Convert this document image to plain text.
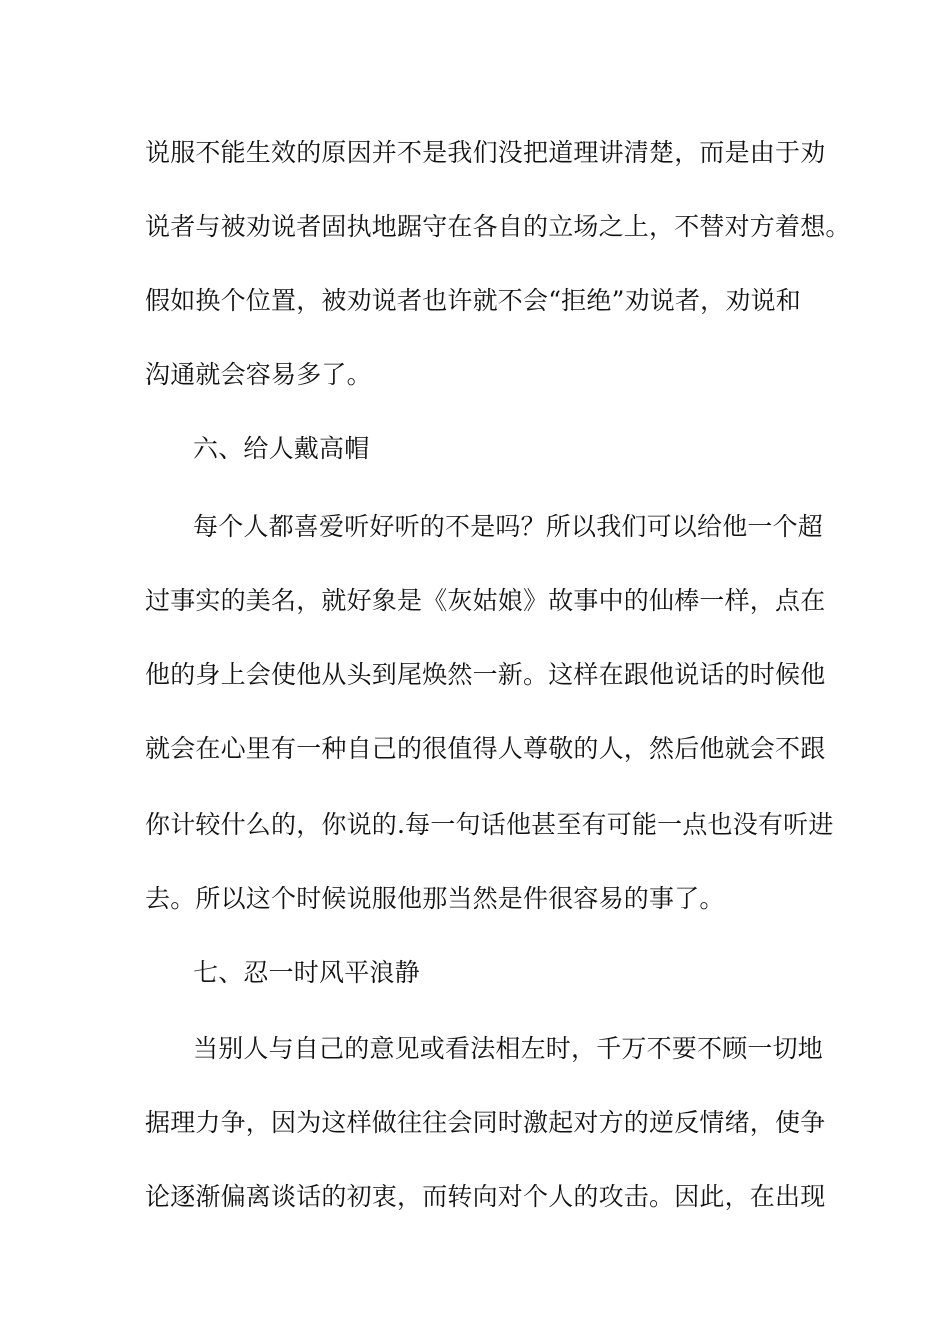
说服不能生效的原因并不是我们没把道理讲清楚，而是由于劝
说者与被劝说者固执地踞守在各自的立场之上，不替对方着想。
假如换个位置，被劝说者也许就不会“拒绝”劝说者，劝说和
沟通就会容易多了。
六、给人戴高帽
每个人都喜爱听好听的不是吗？所以我们可以给他一个超
过事实的美名，就好象是《灰姑娘》故事中的仙棒一样，点在
他的身上会使他从头到尾焕然一新。这样在跟他说话的时候他
就会在心里有一种自己的很值得人尊敬的人，然后他就会不跟
你计较什么的，你说的.每一句话他甚至有可能一点也没有听进
去。所以这个时候说服他那当然是件很容易的事了。
七、忍一时风平浪静
当别人与自己的意见或看法相左时，千万不要不顾一切地
据理力争，因为这样做往往会同时激起对方的逆反情绪，使争
论逐渐偏离谈话的初衷，而转向对个人的攻击。因此，在出现
